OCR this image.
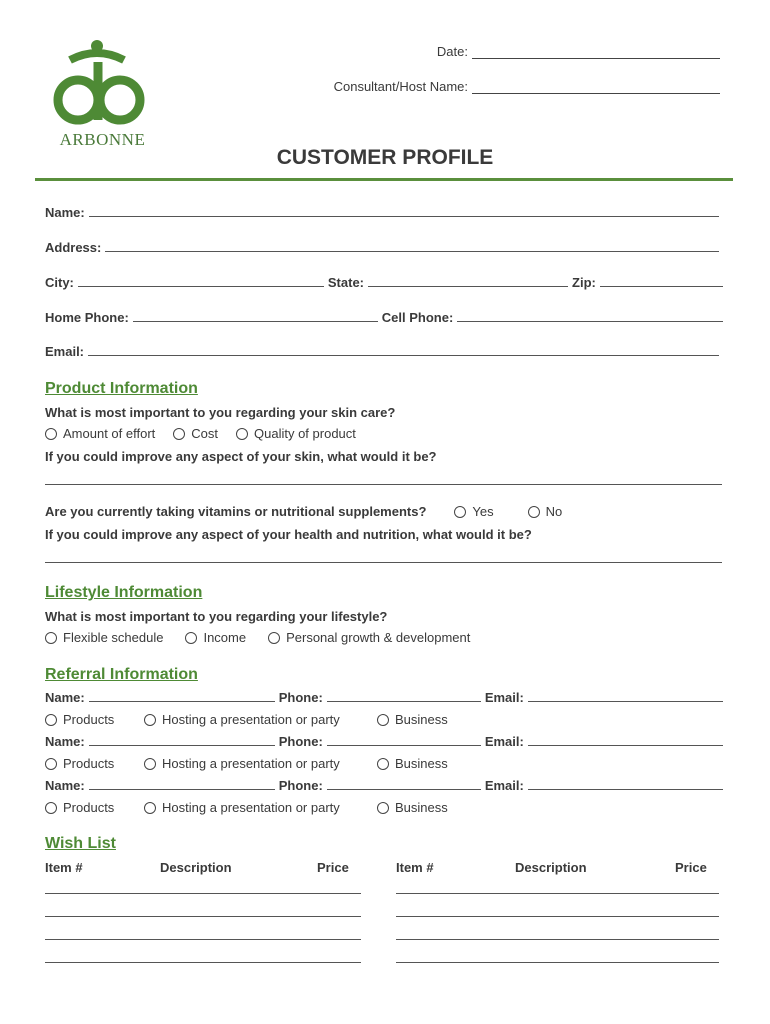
ARBONNE
Date:
Consultant/Host Name:
CUSTOMER PROFILE
Name:
Address:
City:	State:	Zip:
Home Phone:	Cell Phone:
Email:
Product Information
What is most important to you regarding your skin care?
Amount of effort	Cost	Quality of product
If you could improve any aspect of your skin, what would it be?
Are you currently taking vitamins or nutritional supplements?	Yes	No
If you could improve any aspect of your health and nutrition, what would it be?
Lifestyle Information
What is most important to you regarding your lifestyle?
Flexible schedule	Income	Personal growth & development
Referral Information
Name:	Phone:	Email:
Products	Hosting a presentation or party	Business
Name:	Phone:	Email:
Products	Hosting a presentation or party	Business
Name:	Phone:	Email:
Products	Hosting a presentation or party	Business
Wish List
Item #	Description	Price	Item #	Description	Price
